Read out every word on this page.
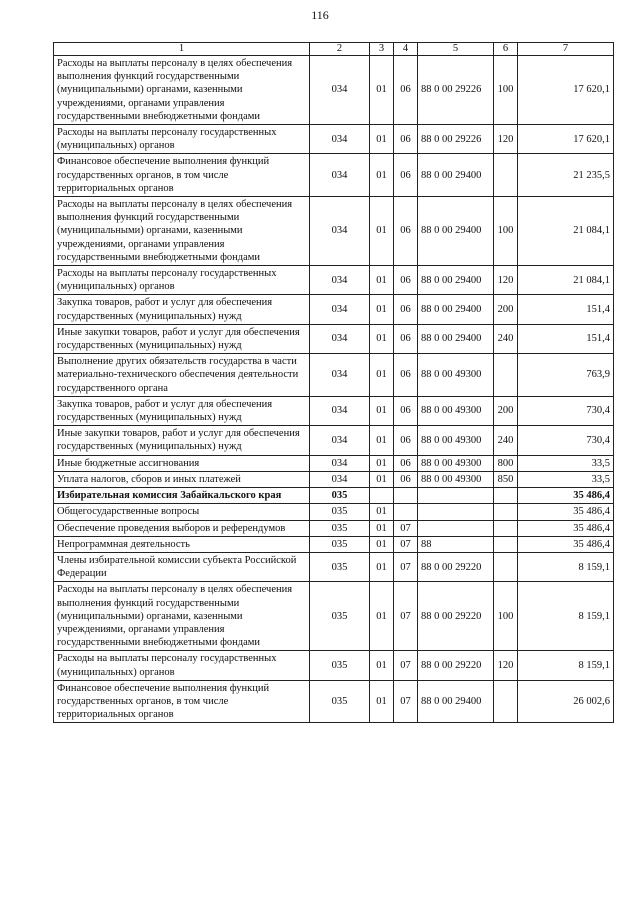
116
1	2	3	4	5	6	7
Расходы на выплаты персоналу в целях обеспечения выполнения функций государственными (муниципальными) органами, казенными учреждениями, органами управления государственными внебюджетными фондами	034	01	06	88 0 00 29226	100	17 620,1
Расходы на выплаты персоналу государственных (муниципальных) органов	034	01	06	88 0 00 29226	120	17 620,1
Финансовое обеспечение выполнения функций государственных органов, в том числе территориальных органов	034	01	06	88 0 00 29400		21 235,5
Расходы на выплаты персоналу в целях обеспечения выполнения функций государственными (муниципальными) органами, казенными учреждениями, органами управления государственными внебюджетными фондами	034	01	06	88 0 00 29400	100	21 084,1
Расходы на выплаты персоналу государственных (муниципальных) органов	034	01	06	88 0 00 29400	120	21 084,1
Закупка товаров, работ и услуг для обеспечения государственных (муниципальных) нужд	034	01	06	88 0 00 29400	200	151,4
Иные закупки товаров, работ и услуг для обеспечения государственных (муниципальных) нужд	034	01	06	88 0 00 29400	240	151,4
Выполнение других обязательств государства в части материально-технического обеспечения деятельности государственного органа	034	01	06	88 0 00 49300		763,9
Закупка товаров, работ и услуг для обеспечения государственных (муниципальных) нужд	034	01	06	88 0 00 49300	200	730,4
Иные закупки товаров, работ и услуг для обеспечения государственных (муниципальных) нужд	034	01	06	88 0 00 49300	240	730,4
Иные бюджетные ассигнования	034	01	06	88 0 00 49300	800	33,5
Уплата налогов, сборов и иных платежей	034	01	06	88 0 00 49300	850	33,5
Избирательная комиссия Забайкальского края	035					35 486,4
Общегосударственные вопросы	035	01				35 486,4
Обеспечение проведения выборов и референдумов	035	01	07			35 486,4
Непрограммная деятельность	035	01	07	88		35 486,4
Члены избирательной комиссии субъекта Российской Федерации	035	01	07	88 0 00 29220		8 159,1
Расходы на выплаты персоналу в целях обеспечения выполнения функций государственными (муниципальными) органами, казенными учреждениями, органами управления государственными внебюджетными фондами	035	01	07	88 0 00 29220	100	8 159,1
Расходы на выплаты персоналу государственных (муниципальных) органов	035	01	07	88 0 00 29220	120	8 159,1
Финансовое обеспечение выполнения функций государственных органов, в том числе территориальных органов	035	01	07	88 0 00 29400		26 002,6
